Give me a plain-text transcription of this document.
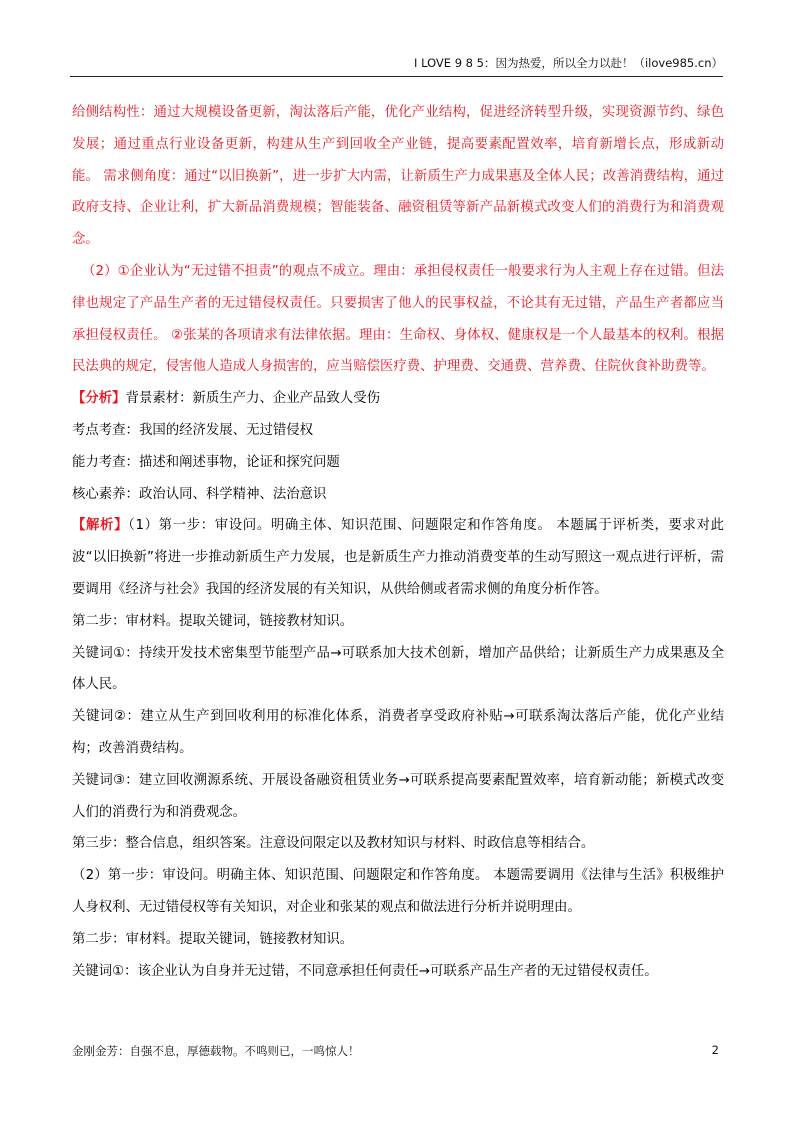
I LOVE 9 8 5：因为热爱，所以全力以赴！（ilove985.cn）

给侧结构性：通过大规模设备更新，淘汰落后产能，优化产业结构，促进经济转型升级，实现资源节约、绿色发展；通过重点行业设备更新，构建从生产到回收全产业链，提高要素配置效率，培育新增长点，形成新动能。 需求侧角度：通过“以旧换新”，进一步扩大内需，让新质生产力成果惠及全体人民；改善消费结构，通过政府支持、企业让利，扩大新品消费规模；智能装备、融资租赁等新产品新模式改变人们的消费行为和消费观念。

（2）①企业认为“无过错不担责”的观点不成立。理由：承担侵权责任一般要求行为人主观上存在过错。但法律也规定了产品生产者的无过错侵权责任。只要损害了他人的民事权益，不论其有无过错，产品生产者都应当承担侵权责任。 ②张某的各项请求有法律依据。理由：生命权、身体权、健康权是一个人最基本的权利。根据民法典的规定，侵害他人造成人身损害的，应当赔偿医疗费、护理费、交通费、营养费、住院伙食补助费等。

【分析】背景素材：新质生产力、企业产品致人受伤

考点考查：我国的经济发展、无过错侵权

能力考查：描述和阐述事物，论证和探究问题

核心素养：政治认同、科学精神、法治意识

【解析】（1）第一步：审设问。明确主体、知识范围、问题限定和作答角度。 本题属于评析类，要求对此波“以旧换新”将进一步推动新质生产力发展，也是新质生产力推动消费变革的生动写照这一观点进行评析，需要调用《经济与社会》我国的经济发展的有关知识，从供给侧或者需求侧的角度分析作答。

第二步：审材料。提取关键词，链接教材知识。

关键词①：持续开发技术密集型节能型产品→可联系加大技术创新，增加产品供给；让新质生产力成果惠及全体人民。

关键词②：建立从生产到回收利用的标准化体系，消费者享受政府补贴→可联系淘汰落后产能，优化产业结构；改善消费结构。

关键词③：建立回收溯源系统、开展设备融资租赁业务→可联系提高要素配置效率，培育新动能；新模式改变人们的消费行为和消费观念。

第三步：整合信息，组织答案。注意设问限定以及教材知识与材料、时政信息等相结合。

（2）第一步：审设问。明确主体、知识范围、问题限定和作答角度。 本题需要调用《法律与生活》积极维护人身权利、无过错侵权等有关知识，对企业和张某的观点和做法进行分析并说明理由。

第二步：审材料。提取关键词，链接教材知识。

关键词①：该企业认为自身并无过错，不同意承担任何责任→可联系产品生产者的无过错侵权责任。

金刚金芳：自强不息，厚德载物。不鸣则已，一鸣惊人！	2
